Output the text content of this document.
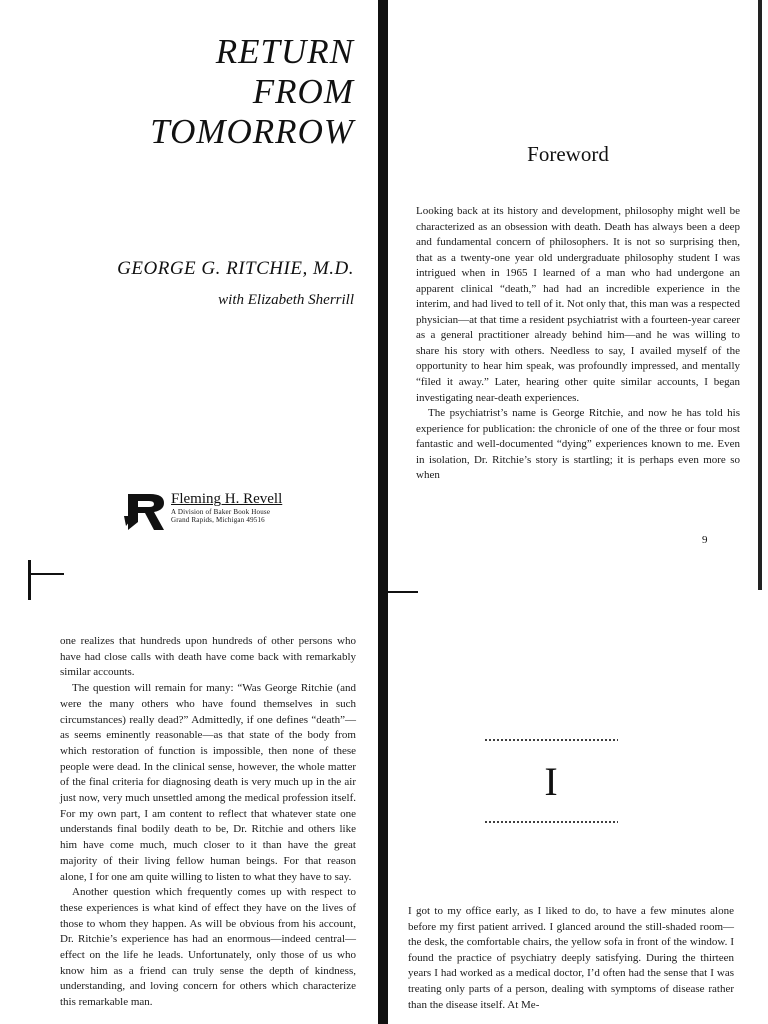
RETURN
FROM
TOMORROW
GEORGE G. RITCHIE, M.D.

with Elizabeth Sherrill

Fleming H. Revell
A Division of Baker Book House
Grand Rapids, Michigan 49516
Foreword
Looking back at its history and development, philosophy might well be characterized as an obsession with death. Death has always been a deep and fundamental concern of philosophers. It is not so surprising then, that as a twenty-one year old undergraduate philosophy student I was intrigued when in 1965 I learned of a man who had undergone an apparent clinical “death,” had had an incredible experience in the interim, and had lived to tell of it. Not only that, this man was a respected physician—at that time a resident psychiatrist with a fourteen-year career as a general practitioner already behind him—and he was willing to share his story with others. Needless to say, I availed myself of the opportunity to hear him speak, was profoundly impressed, and mentally “filed it away.” Later, hearing other quite similar accounts, I began investigating near-death experiences.
The psychiatrist’s name is George Ritchie, and now he has told his experience for publication: the chronicle of one of the three or four most fantastic and well-documented “dying” experiences known to me. Even in isolation, Dr. Ritchie’s story is startling; it is perhaps even more so when
9
one realizes that hundreds upon hundreds of other persons who have had close calls with death have come back with remarkably similar accounts.
The question will remain for many: “Was George Ritchie (and were the many others who have found themselves in such circumstances) really dead?” Admittedly, if one defines “death”—as seems eminently reasonable—as that state of the body from which restoration of function is impossible, then none of these people were dead. In the clinical sense, however, the whole matter of the final criteria for diagnosing death is very much up in the air just now, very much unsettled among the medical profession itself. For my own part, I am content to reflect that whatever state one understands final bodily death to be, Dr. Ritchie and others like him have come much, much closer to it than have the great majority of their living fellow human beings. For that reason alone, I for one am quite willing to listen to what they have to say.
Another question which frequently comes up with respect to these experiences is what kind of effect they have on the lives of those to whom they happen. As will be obvious from his account, Dr. Ritchie’s experience has had an enormous—indeed central—effect on the life he leads. Unfortunately, only those of us who know him as a friend can truly sense the depth of kindness, understanding, and loving concern for others which characterize this remarkable man.
I
I got to my office early, as I liked to do, to have a few minutes alone before my first patient arrived. I glanced around the still-shaded room—the desk, the comfortable chairs, the yellow sofa in front of the window. I found the practice of psychiatry deeply satisfying. During the thirteen years I had worked as a medical doctor, I’d often had the sense that I was treating only parts of a person, dealing with symptoms of disease rather than the disease itself. At Me-
